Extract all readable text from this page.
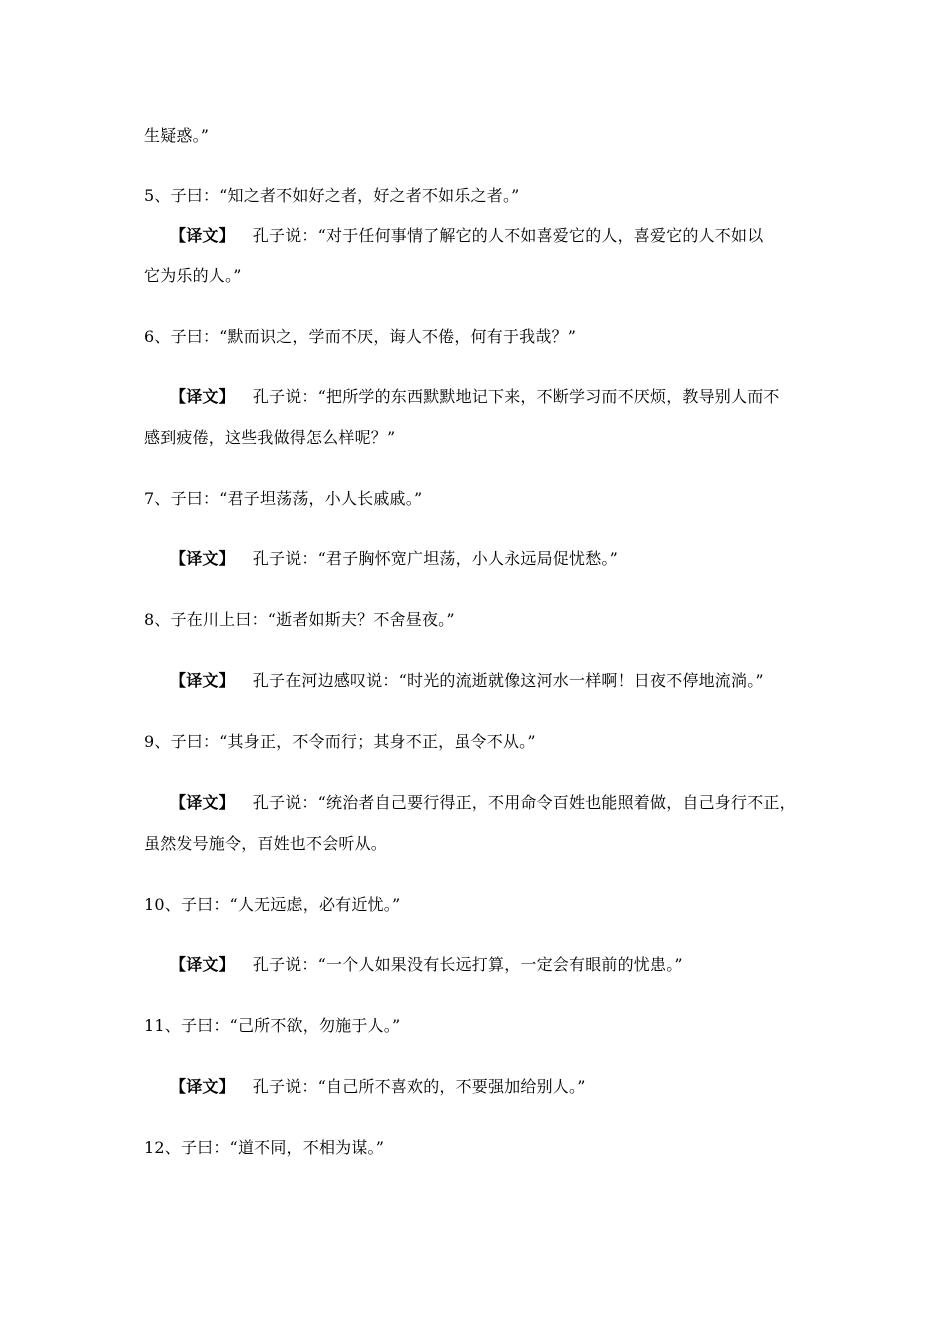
生疑惑。”
5、子曰：“知之者不如好之者，好之者不如乐之者。”
【译文】 孔子说：“对于任何事情了解它的人不如喜爱它的人，喜爱它的人不如以
它为乐的人。”
6、子曰：“默而识之，学而不厌，诲人不倦，何有于我哉？”
【译文】 孔子说：“把所学的东西默默地记下来，不断学习而不厌烦，教导别人而不
感到疲倦，这些我做得怎么样呢？”
7、子曰：“君子坦荡荡，小人长戚戚。”
【译文】 孔子说：“君子胸怀宽广坦荡，小人永远局促忧愁。”
8、子在川上曰：“逝者如斯夫？不舍昼夜。”
【译文】 孔子在河边感叹说：“时光的流逝就像这河水一样啊！日夜不停地流淌。”
9、子曰：“其身正，不令而行；其身不正，虽令不从。”
【译文】 孔子说：“统治者自己要行得正，不用命令百姓也能照着做，自己身行不正，
虽然发号施令，百姓也不会听从。
10、子曰：“人无远虑，必有近忧。”
【译文】 孔子说：“一个人如果没有长远打算，一定会有眼前的忧患。”
11、子曰：“己所不欲，勿施于人。”
【译文】 孔子说：“自己所不喜欢的，不要强加给别人。”
12、子曰：“道不同，不相为谋。”
